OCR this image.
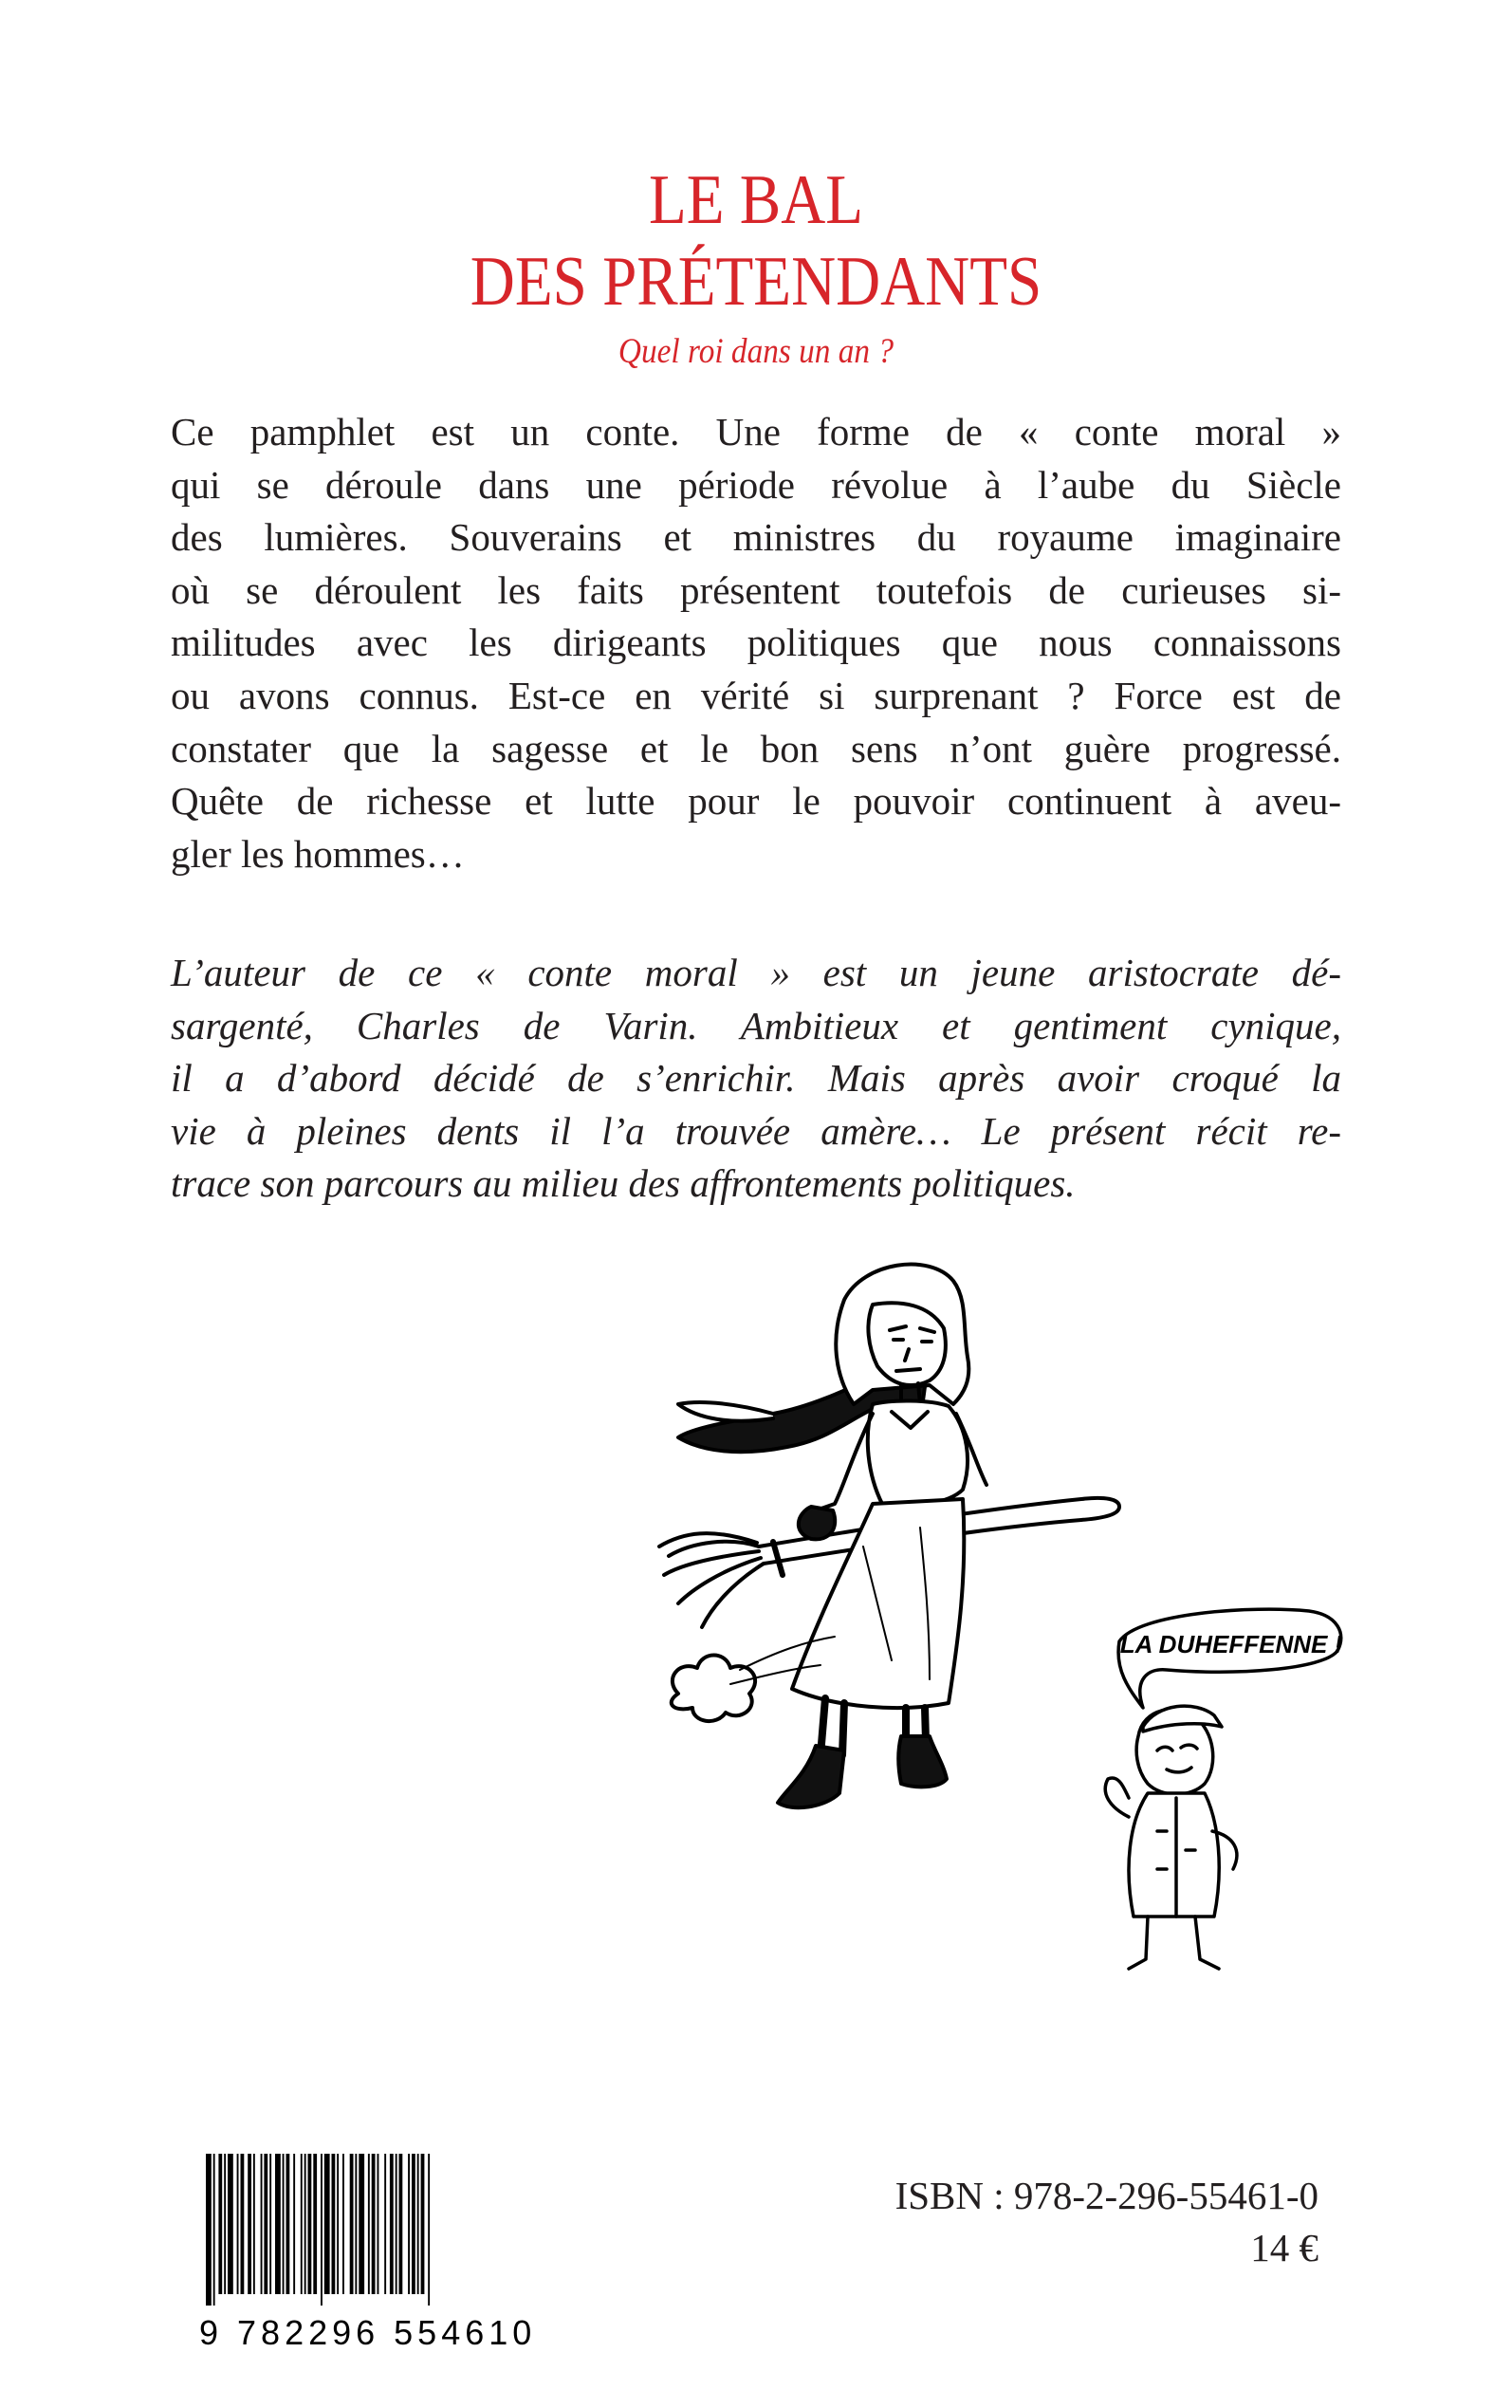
LE BAL
DES PRÉTENDANTS
Quel roi dans un an ?
Ce pamphlet est un conte. Une forme de « conte moral »
qui se déroule dans une période révolue à l’aube du Siècle
des lumières. Souverains et ministres du royaume imaginaire
où se déroulent les faits présentent toutefois de curieuses si-
militudes avec les dirigeants politiques que nous connaissons
ou avons connus. Est-ce en vérité si surprenant ? Force est de
constater que la sagesse et le bon sens n’ont guère progressé.
Quête de richesse et lutte pour le pouvoir continuent à aveu-
gler les hommes…
L’auteur de ce « conte moral » est un jeune aristocrate dé-
sargenté, Charles de Varin. Ambitieux et gentiment cynique,
il a d’abord décidé de s’enrichir. Mais après avoir croqué la
vie à pleines dents il l’a trouvée amère… Le présent récit re-
trace son parcours au milieu des affrontements politiques.
LA DUHEFFENNE !
9 782296 554610
ISBN : 978-2-296-55461-0
14 €
